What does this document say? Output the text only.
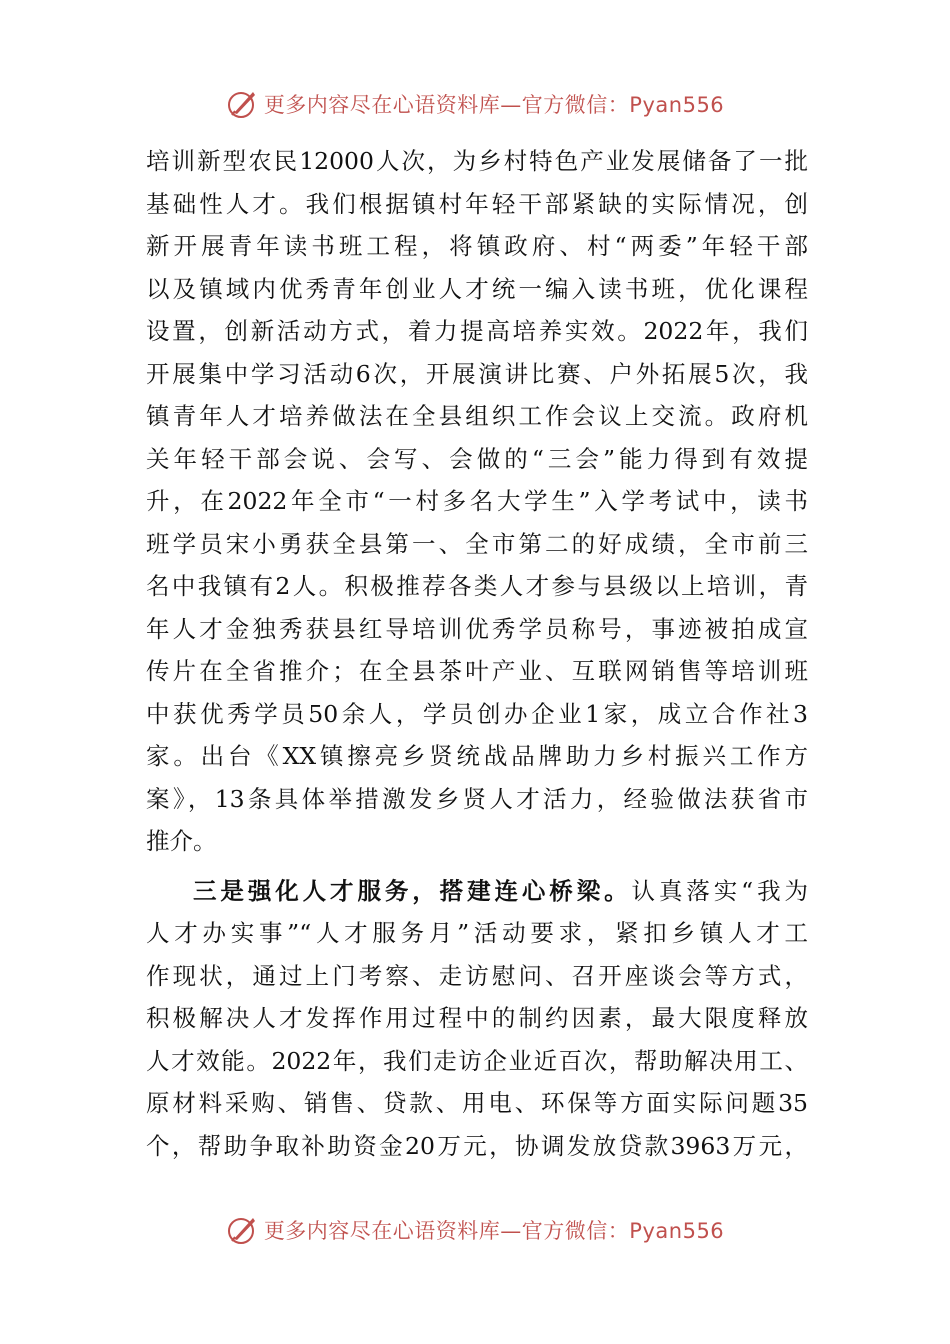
更多内容尽在心语资料库—官方微信：Pyan556
培训新型农民12000人次，为乡村特色产业发展储备了一批
基础性人才。我们根据镇村年轻干部紧缺的实际情况，创
新开展青年读书班工程，将镇政府、村“两委”年轻干部
以及镇域内优秀青年创业人才统一编入读书班，优化课程
设置，创新活动方式，着力提高培养实效。2022年，我们
开展集中学习活动6次，开展演讲比赛、户外拓展5次，我
镇青年人才培养做法在全县组织工作会议上交流。政府机
关年轻干部会说、会写、会做的“三会”能力得到有效提
升，在2022年全市“一村多名大学生”入学考试中，读书
班学员宋小勇获全县第一、全市第二的好成绩，全市前三
名中我镇有2人。积极推荐各类人才参与县级以上培训，青
年人才金独秀获县红导培训优秀学员称号，事迹被拍成宣
传片在全省推介；在全县茶叶产业、互联网销售等培训班
中获优秀学员50余人，学员创办企业1家，成立合作社3
家。出台《XX镇擦亮乡贤统战品牌助力乡村振兴工作方
案》，13条具体举措激发乡贤人才活力，经验做法获省市
推介。
三是强化人才服务，搭建连心桥梁。认真落实“我为
人才办实事”“人才服务月”活动要求，紧扣乡镇人才工
作现状，通过上门考察、走访慰问、召开座谈会等方式，
积极解决人才发挥作用过程中的制约因素，最大限度释放
人才效能。2022年，我们走访企业近百次，帮助解决用工、
原材料采购、销售、贷款、用电、环保等方面实际问题35
个，帮助争取补助资金20万元，协调发放贷款3963万元，
更多内容尽在心语资料库—官方微信：Pyan556
